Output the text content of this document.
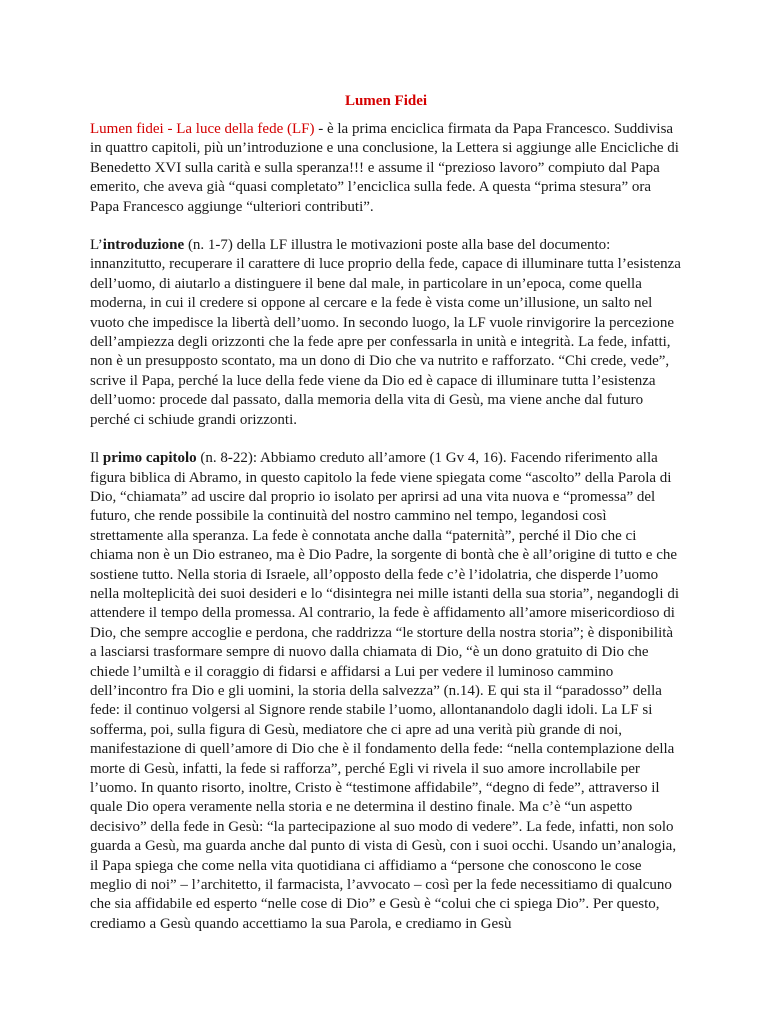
Lumen Fidei

Lumen fidei - La luce della fede (LF) - è la prima enciclica firmata da Papa Francesco. Suddivisa in quattro capitoli, più un’introduzione e una conclusione, la Lettera si aggiunge alle Encicliche di Benedetto XVI sulla carità e sulla speranza!!! e assume il “prezioso lavoro” compiuto dal Papa emerito, che aveva già “quasi completato” l’enciclica sulla fede. A questa “prima stesura” ora Papa Francesco aggiunge “ulteriori contributi”.

L’introduzione (n. 1-7) della LF illustra le motivazioni poste alla base del documento: innanzitutto, recuperare il carattere di luce proprio della fede, capace di illuminare tutta l’esistenza dell’uomo, di aiutarlo a distinguere il bene dal male, in particolare in un’epoca, come quella moderna, in cui il credere si oppone al cercare e la fede è vista come un’illusione, un salto nel vuoto che impedisce la libertà dell’uomo. In secondo luogo, la LF vuole rinvigorire la percezione dell’ampiezza degli orizzonti che la fede apre per confessarla in unità e integrità. La fede, infatti, non è un presupposto scontato, ma un dono di Dio che va nutrito e rafforzato. “Chi crede, vede”, scrive il Papa, perché la luce della fede viene da Dio ed è capace di illuminare tutta l’esistenza dell’uomo: procede dal passato, dalla memoria della vita di Gesù, ma viene anche dal futuro perché ci schiude grandi orizzonti.

Il primo capitolo (n. 8-22): Abbiamo creduto all’amore (1 Gv 4, 16). Facendo riferimento alla figura biblica di Abramo, in questo capitolo la fede viene spiegata come “ascolto” della Parola di Dio, “chiamata” ad uscire dal proprio io isolato per aprirsi ad una vita nuova e “promessa” del futuro, che rende possibile la continuità del nostro cammino nel tempo, legandosi così strettamente alla speranza. La fede è connotata anche dalla “paternità”, perché il Dio che ci chiama non è un Dio estraneo, ma è Dio Padre, la sorgente di bontà che è all’origine di tutto e che sostiene tutto. Nella storia di Israele, all’opposto della fede c’è l’idolatria, che disperde l’uomo nella molteplicità dei suoi desideri e lo “disintegra nei mille istanti della sua storia”, negandogli di attendere il tempo della promessa. Al contrario, la fede è affidamento all’amore misericordioso di Dio, che sempre accoglie e perdona, che raddrizza “le storture della nostra storia”; è disponibilità a lasciarsi trasformare sempre di nuovo dalla chiamata di Dio, “è un dono gratuito di Dio che chiede l’umiltà e il coraggio di fidarsi e affidarsi a Lui per vedere il luminoso cammino dell’incontro fra Dio e gli uomini, la storia della salvezza” (n.14). E qui sta il “paradosso” della fede: il continuo volgersi al Signore rende stabile l’uomo, allontanandolo dagli idoli. La LF si sofferma, poi, sulla figura di Gesù, mediatore che ci apre ad una verità più grande di noi, manifestazione di quell’amore di Dio che è il fondamento della fede: “nella contemplazione della morte di Gesù, infatti, la fede si rafforza”, perché Egli vi rivela il suo amore incrollabile per l’uomo. In quanto risorto, inoltre, Cristo è “testimone affidabile”, “degno di fede”, attraverso il quale Dio opera veramente nella storia e ne determina il destino finale. Ma c’è “un aspetto decisivo” della fede in Gesù: “la partecipazione al suo modo di vedere”. La fede, infatti, non solo guarda a Gesù, ma guarda anche dal punto di vista di Gesù, con i suoi occhi. Usando un’analogia, il Papa spiega che come nella vita quotidiana ci affidiamo a “persone che conoscono le cose meglio di noi” – l’architetto, il farmacista, l’avvocato – così per la fede necessitiamo di qualcuno che sia affidabile ed esperto “nelle cose di Dio” e Gesù è “colui che ci spiega Dio”. Per questo, crediamo a Gesù quando accettiamo la sua Parola, e crediamo in Gesù
